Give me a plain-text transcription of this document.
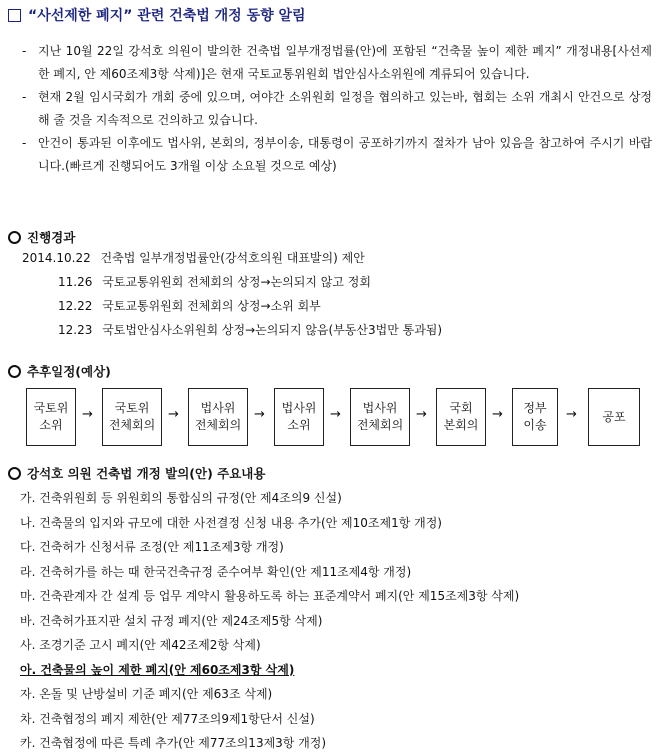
“사선제한 폐지” 관련 건축법 개정 동향 알림
- 지난 10월 22일 강석호 의원이 발의한 건축법 일부개정법률(안)에 포함된 “건축물 높이 제한 폐지” 개정내용[사선제한 폐지, 안 제60조제3항 삭제)]은 현재 국토교통위원회 법안심사소위원에 계류되어 있습니다.
- 현재 2월 임시국회가 개회 중에 있으며, 여야간 소위원회 일정을 협의하고 있는바, 협회는 소위 개최시 안건으로 상정해 줄 것을 지속적으로 건의하고 있습니다.
- 안건이 통과된 이후에도 법사위, 본회의, 정부이송, 대통령이 공포하기까지 절차가 남아 있음을 참고하여 주시기 바랍니다.(빠르게 진행되어도 3개월 이상 소요될 것으로 예상)
진행경과
2014.10.22 건축법 일부개정법률안(강석호의원 대표발의) 제안
11.26 국토교통위원회 전체회의 상정→논의되지 않고 정회
12.22 국토교통위원회 전체회의 상정→소위 회부
12.23 국토법안심사소위원회 상정→논의되지 않음(부동산3법만 통과됨)
추후일정(예상)
국토위
소위
→ 국토위
전체회의
→ 법사위
전체회의
→ 법사위
소위
→ 법사위
전체회의
→ 국회
본회의
→ 정부
이송
→ 공포
강석호 의원 건축법 개정 발의(안) 주요내용
가. 건축위원회 등 위원회의 통합심의 규정(안 제4조의9 신설)
나. 건축물의 입지와 규모에 대한 사전결정 신청 내용 추가(안 제10조제1항 개정)
다. 건축허가 신청서류 조정(안 제11조제3항 개정)
라. 건축허가를 하는 때 한국건축규정 준수여부 확인(안 제11조제4항 개정)
마. 건축관계자 간 설계 등 업무 계약시 활용하도록 하는 표준계약서 폐지(안 제15조제3항 삭제)
바. 건축허가표지판 설치 규정 폐지(안 제24조제5항 삭제)
사. 조경기준 고시 폐지(안 제42조제2항 삭제)
아. 건축물의 높이 제한 폐지(안 제60조제3항 삭제)
자. 온돌 및 난방설비 기준 폐지(안 제63조 삭제)
차. 건축협정의 폐지 제한(안 제77조의9제1항단서 신설)
카. 건축협정에 따른 특례 추가(안 제77조의13제3항 개정)
